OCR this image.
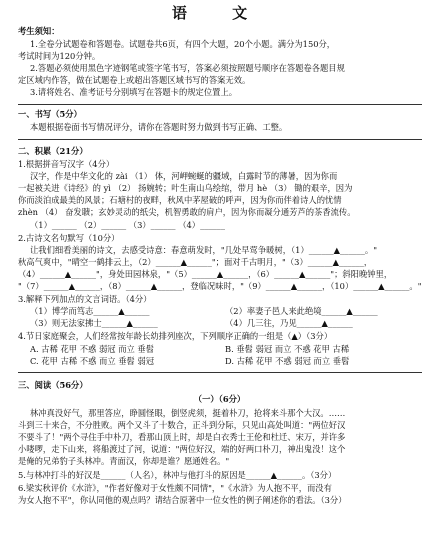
语 文
考生须知：
1.全卷分试题卷和答题卷。试题卷共6页，有四个大题，20个小题。满分为150分，
考试时间为120分钟。
2.答题必须使用黑色字迹钢笔或签字笔书写，答案必须按照题号顺序在答题卷各题目规
定区域内作答，做在试题卷上或超出答题区域书写的答案无效。
3.请将姓名、准考证号分别填写在答题卡的规定位置上。
一、书写（5分）
本题根据卷面书写情况评分，请你在答题时努力做到书写正确、工整。
二、积累（21分）
1.根据拼音写汉字（4分）
汉字，作是中华文化的 zài （1） 体，河岬蜿蜒的疆域，白露时节的薄暑，因为你而
一起被关进《诗经》的 yì （2） 扬婉转；叶生南山乌绘绾，带月 hè （3） 锄的艰辛，因为
你而淡泊成最美的风景；石塘村的夜畔，秋风中茅屋破的呼声，因为你而伴着诗人的忧情
zhèn （4） 奋发聩；玄妙灵动的纸尖，机智勇敢的肩户，因为你而凝分通芳芦的茶香流传。
（1）______ （2）______ （3）______ （4）______
2.古诗文名句默写（10分）
让我们细看美丽的诗文，去感受诗意：春意萌发时，"几处早莺争暖树，（1）______▲______。"
秋高气爽中，"晴空一鹤排云上，（2）______▲______"；面对千古明月，"（3）______▲______，
（4）______▲______"，身处田园林泉，"（5）______▲______，（6）______▲______"；斜阳晚钟里，
"（7）______▲______，（8）______▲______，登临况味时，"（9）______▲______，（10）______▲______。"
3.解释下列加点的文言词语。（4分）
（1）博学而笃志______▲______	（2）率妻子邑人来此绝境______▲______
（3）则无法家拂士______▲______	（4）几三往，乃见______▲______
4.节日家庭聚会，人们经常按年龄长幼排列座次，下列顺序正确的一组是（▲）（3分）
A. 古稀 花甲 不惑 弱冠 而立 垂髫	B. 垂髫 弱冠 而立 不惑 花甲 古稀
C. 花甲 古稀 不惑 而立 垂髫 弱冠	D. 古稀 花甲 不惑 弱冠 而立 垂髫
三、阅读（56分）
（一）（6分）
林冲真没好气，那里答应，睁圆怪眼，倒竖虎须，挺着朴刀，抢将来斗那个大汉。……
斗到三十来合，不分胜败。两个又斗了十数合，正斗到分际，只见山高处叫道："两位好汉
不要斗了！"两个寻住手中朴刀，看那山顶上时，却是白衣秀士王伦和杜迁、宋万，并许多
小喽啰，走下山来，将船渡过了河，说道："两位好汉，端的好两口朴刀，神出鬼没！这个
是俺的兄弟豹子头林冲。青面汉，你却是谁？愿通姓名。"
5.与林冲打斗的好汉是______（人名），林冲与他打斗的原因是______▲______。（3分）
6.梁实秋评价《水浒》，"作者好像对于女性颇不同情"，"《水浒》为人抱不平，而没有
为女人抱不平"，你认同他的观点吗？请结合原著中一位女性的例子阐述你的看法。（3分）
